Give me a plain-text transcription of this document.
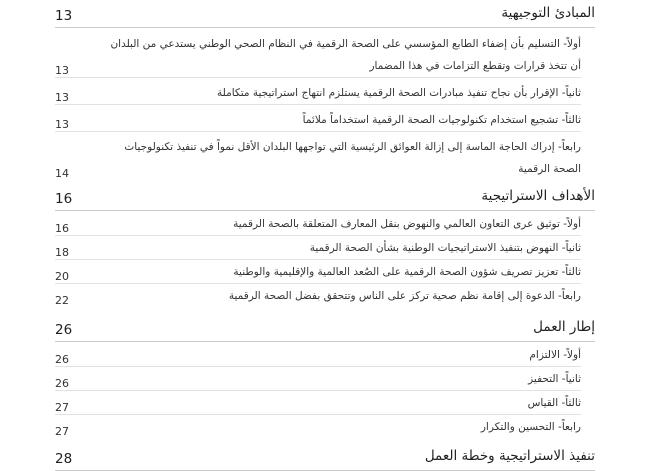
المبادئ التوجيهية
13
أولاً- التسليم بأن إضفاء الطابع المؤسسي على الصحة الرقمية في النظام الصحي الوطني يستدعي من البلدان أن تتخذ قرارات وتقطع التزامات في هذا المضمار
13
ثانياً- الإقرار بأن نجاح تنفيذ مبادرات الصحة الرقمية يستلزم انتهاج استراتيجية متكاملة
13
ثالثاً- تشجيع استخدام تكنولوجيات الصحة الرقمية استخداماً ملائماً
13
رابعاً- إدراك الحاجة الماسة إلى إزالة العوائق الرئيسية التي تواجهها البلدان الأقل نمواً في تنفيذ تكنولوجيات الصحة الرقمية
14
الأهداف الاستراتيجية
16
أولاً- توثيق عرى التعاون العالمي والنهوض بنقل المعارف المتعلقة بالصحة الرقمية
16
ثانياً- النهوض بتنفيذ الاستراتيجيات الوطنية بشأن الصحة الرقمية
18
ثالثاً- تعزيز تصريف شؤون الصحة الرقمية على الصُعد العالمية والإقليمية والوطنية
20
رابعاً- الدعوة إلى إقامة نظم صحية تركز على الناس وتتحقق بفضل الصحة الرقمية
22
إطار العمل
26
أولاً- الالتزام
26
ثانياً- التحفيز
26
ثالثاً- القياس
27
رابعاً- التحسين والتكرار
27
تنفيذ الاستراتيجية وخطة العمل
28
